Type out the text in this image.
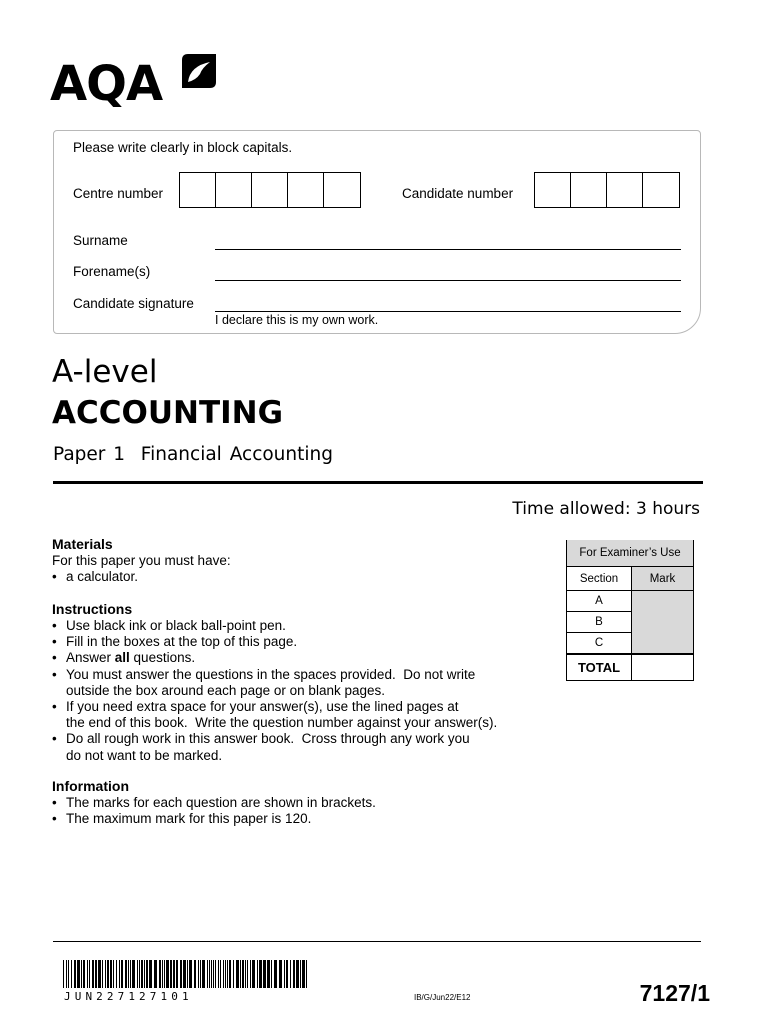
AQA
Please write clearly in block capitals.
Centre number	Candidate number
Surname
Forename(s)
Candidate signature
I declare this is my own work.
A-level
ACCOUNTING
Paper 1  Financial Accounting
Time allowed: 3 hours
Materials
For this paper you must have:
• a calculator.
Instructions
• Use black ink or black ball-point pen.
• Fill in the boxes at the top of this page.
• Answer all questions.
• You must answer the questions in the spaces provided.  Do not write
outside the box around each page or on blank pages.
• If you need extra space for your answer(s), use the lined pages at
the end of this book.  Write the question number against your answer(s).
• Do all rough work in this answer book.  Cross through any work you
do not want to be marked.
Information
• The marks for each question are shown in brackets.
• The maximum mark for this paper is 120.
For Examiner’s Use	
Section	Mark
A	
B	
C	
TOTAL	
JUN227127101	IB/G/Jun22/E12	7127/1
